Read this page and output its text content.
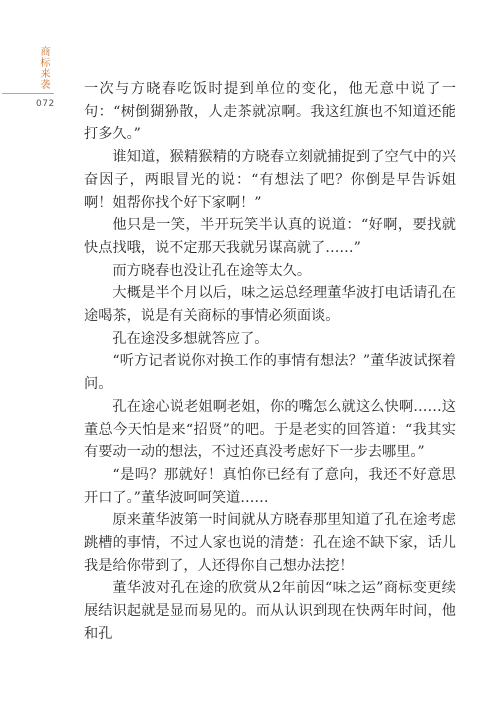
商标来袭
072

一次与方晓春吃饭时提到单位的变化，他无意中说了一句：“树倒猢狲散，人走茶就凉啊。我这红旗也不知道还能打多久。”

谁知道，猴精猴精的方晓春立刻就捕捉到了空气中的兴奋因子，两眼冒光的说：“有想法了吧？你倒是早告诉姐啊！姐帮你找个好下家啊！”

他只是一笑，半开玩笑半认真的说道：“好啊，要找就快点找哦，说不定那天我就另谋高就了……”

而方晓春也没让孔在途等太久。

大概是半个月以后，味之运总经理董华波打电话请孔在途喝茶，说是有关商标的事情必须面谈。

孔在途没多想就答应了。

“听方记者说你对换工作的事情有想法？”董华波试探着问。

孔在途心说老姐啊老姐，你的嘴怎么就这么快啊……这董总今天怕是来“招贤”的吧。于是老实的回答道：“我其实有要动一动的想法，不过还真没考虑好下一步去哪里。”

“是吗？那就好！真怕你已经有了意向，我还不好意思开口了。”董华波呵呵笑道……

原来董华波第一时间就从方晓春那里知道了孔在途考虑跳槽的事情，不过人家也说的清楚：孔在途不缺下家，话儿我是给你带到了，人还得你自己想办法挖！

董华波对孔在途的欣赏从2年前因“味之运”商标变更续展结识起就是显而易见的。而从认识到现在快两年时间，他和孔
